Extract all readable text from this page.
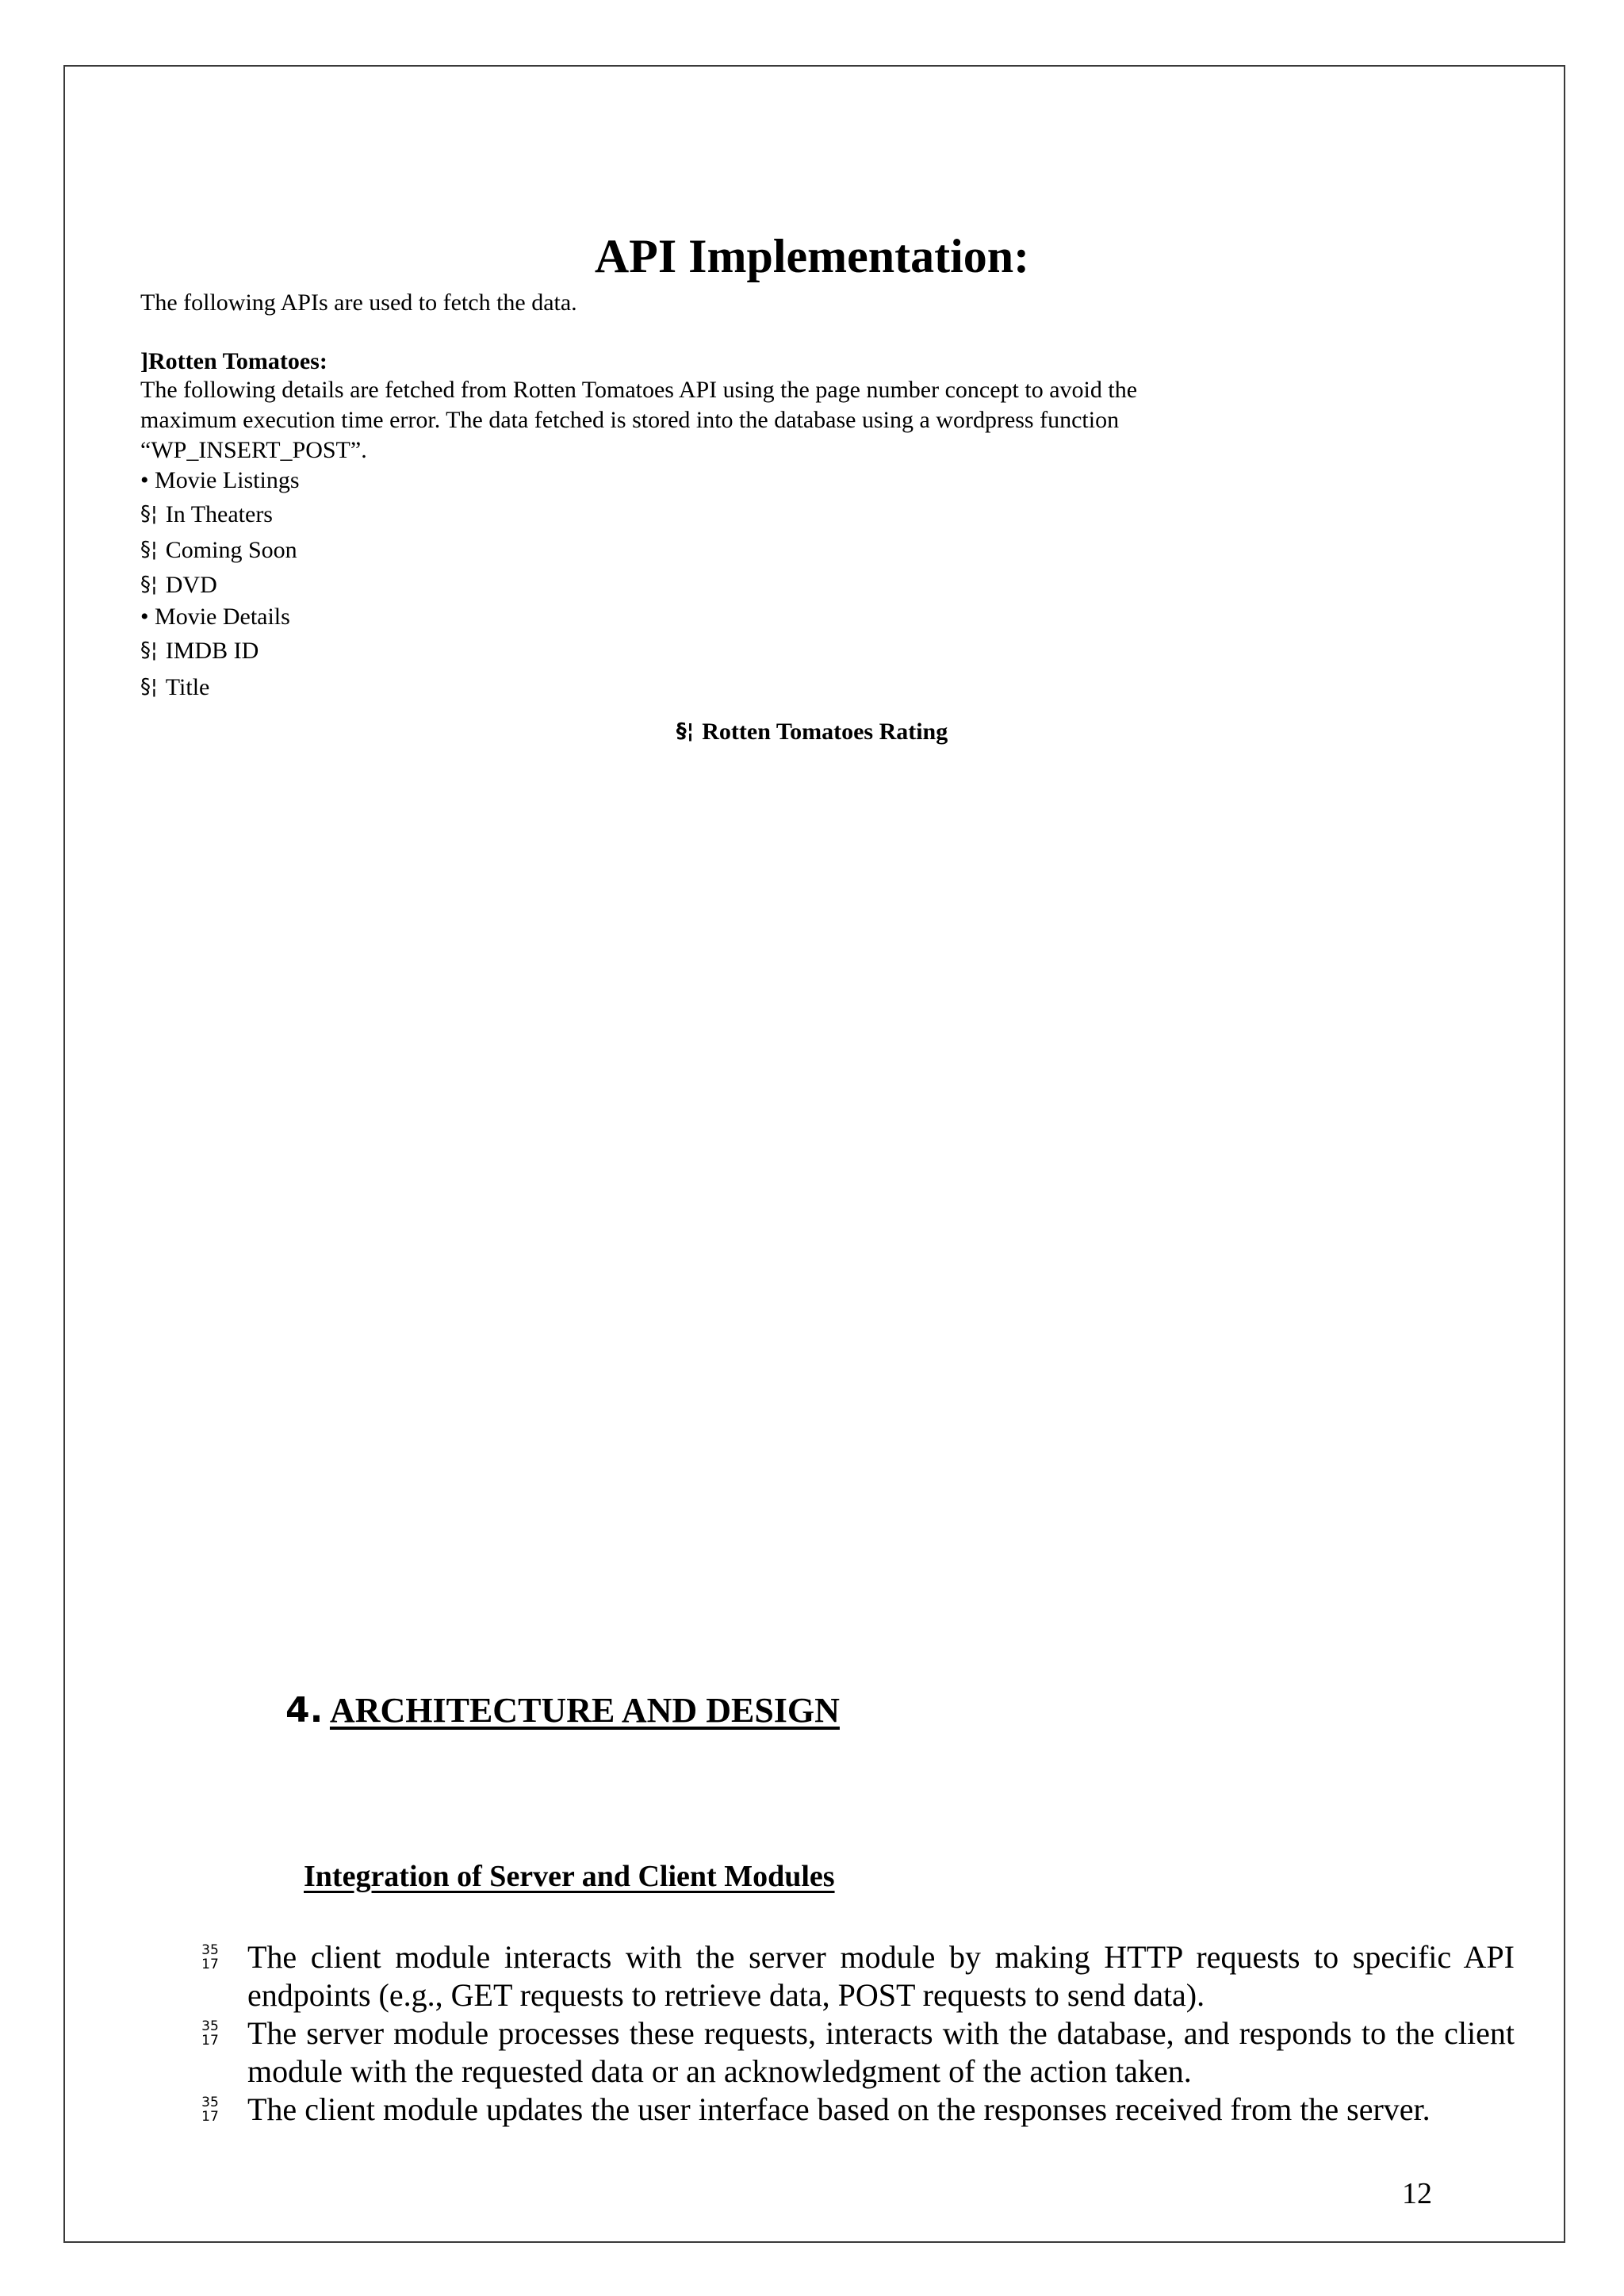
API Implementation:
The following APIs are used to fetch the data.
]Rotten Tomatoes:
The following details are fetched from Rotten Tomatoes API using the page number concept to avoid the
maximum execution time error. The data fetched is stored into the database using a wordpress function
“WP_INSERT_POST”.
• Movie Listings
§¦ In Theaters
§¦ Coming Soon
§¦ DVD
• Movie Details
§¦ IMDB ID
§¦ Title
§¦ Rotten Tomatoes Rating
4. ARCHITECTURE AND DESIGN
Integration of Server and Client Modules
35
17 The client module interacts with the server module by making HTTP requests to specific API endpoints (e.g., GET requests to retrieve data, POST requests to send data).
35
17 The server module processes these requests, interacts with the database, and responds to the client module with the requested data or an acknowledgment of the action taken.
35
17 The client module updates the user interface based on the responses received from the server.
12
